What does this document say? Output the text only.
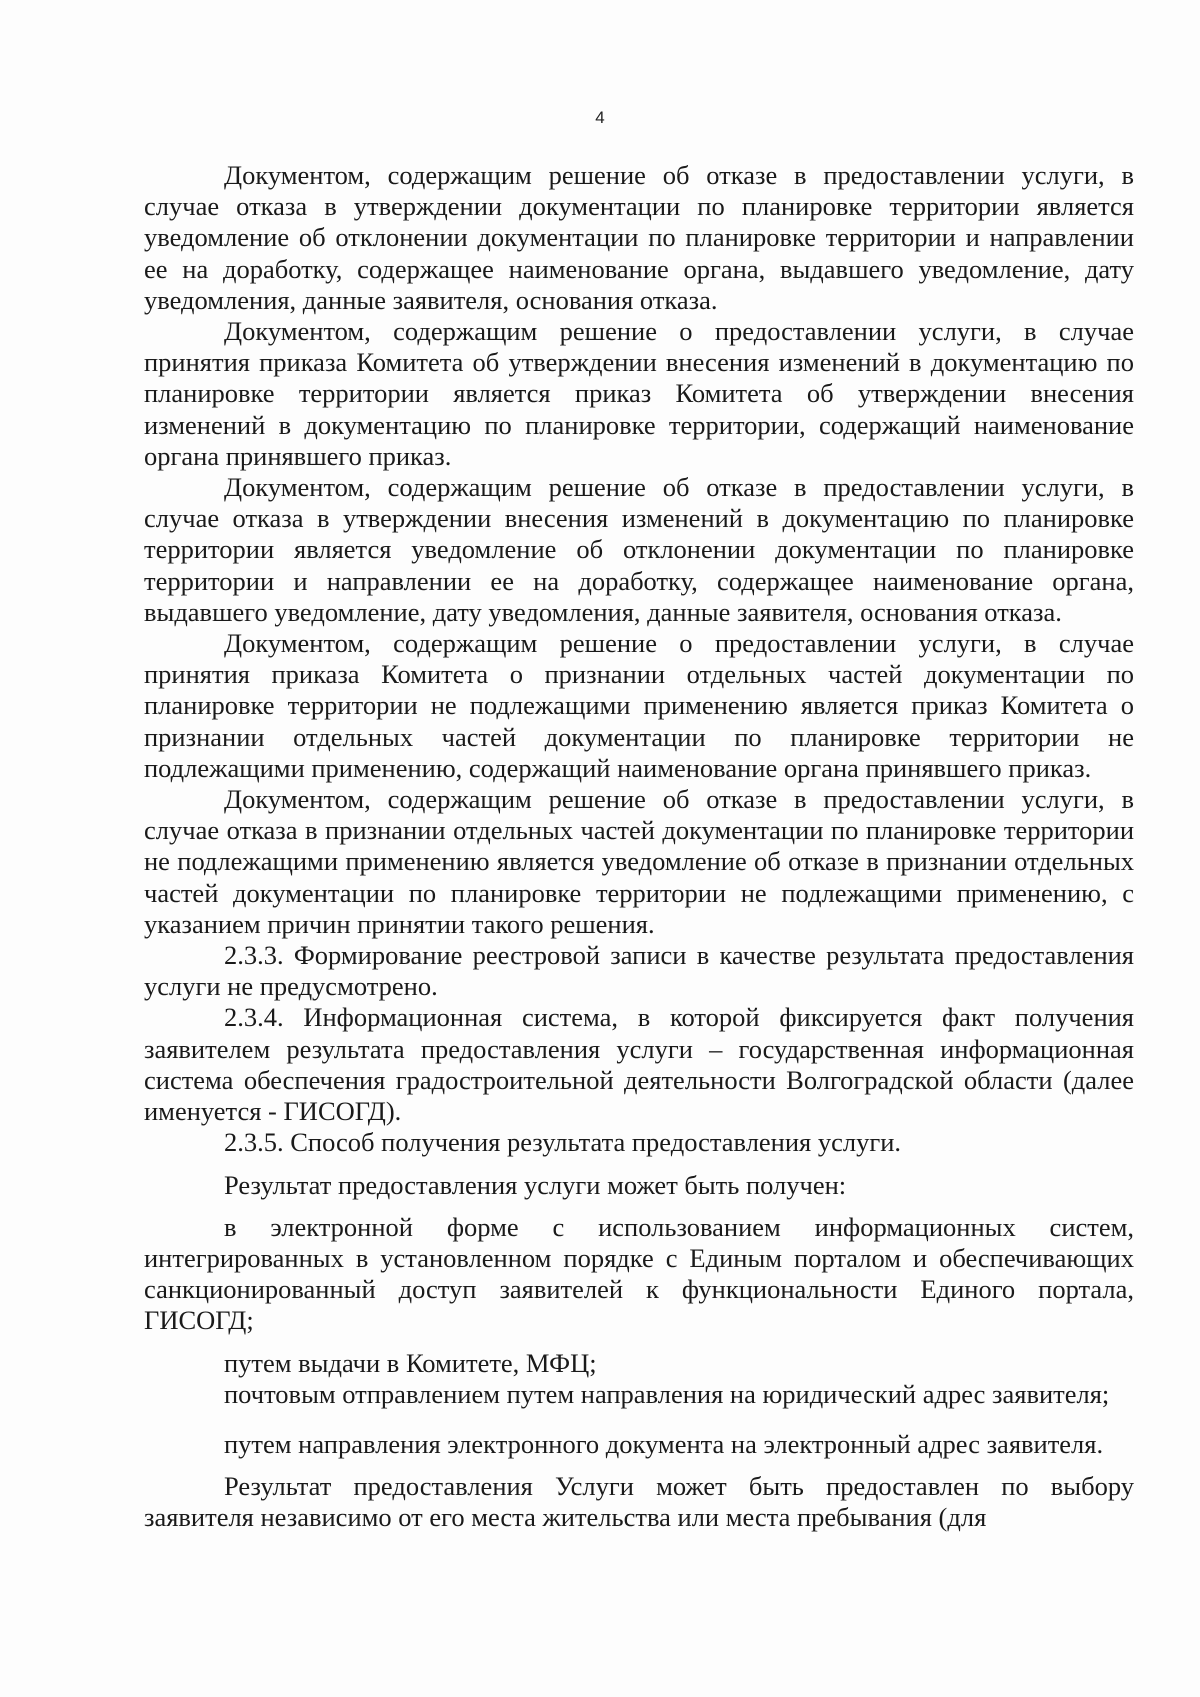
4

Документом, содержащим решение об отказе в предоставлении услуги, в случае отказа в утверждении документации по планировке территории является уведомление об отклонении документации по планировке территории и направлении ее на доработку, содержащее наименование органа, выдавшего уведомление, дату уведомления, данные заявителя, основания отказа.

Документом, содержащим решение о предоставлении услуги, в случае принятия приказа Комитета об утверждении внесения изменений в документацию по планировке территории является приказ Комитета об утверждении внесения изменений в документацию по планировке территории, содержащий наименование органа принявшего приказ.

Документом, содержащим решение об отказе в предоставлении услуги, в случае отказа в утверждении внесения изменений в документацию по планировке территории является уведомление об отклонении документации по планировке территории и направлении ее на доработку, содержащее наименование органа, выдавшего уведомление, дату уведомления, данные заявителя, основания отказа.

Документом, содержащим решение о предоставлении услуги, в случае принятия приказа Комитета о признании отдельных частей документации по планировке территории не подлежащими применению является приказ Комитета о признании отдельных частей документации по планировке территории не подлежащими применению, содержащий наименование органа принявшего приказ.

Документом, содержащим решение об отказе в предоставлении услуги, в случае отказа в признании отдельных частей документации по планировке территории не подлежащими применению является уведомление об отказе в признании отдельных частей документации по планировке территории не подлежащими применению, с указанием причин принятии такого решения.

2.3.3. Формирование реестровой записи в качестве результата предоставления услуги не предусмотрено.

2.3.4. Информационная система, в которой фиксируется факт получения заявителем результата предоставления услуги – государственная информационная система обеспечения градостроительной деятельности Волгоградской области (далее именуется - ГИСОГД).

2.3.5. Способ получения результата предоставления услуги.

Результат предоставления услуги может быть получен:

в электронной форме с использованием информационных систем, интегрированных в установленном порядке с Единым порталом и обеспечивающих санкционированный доступ заявителей к функциональности Единого портала, ГИСОГД;

путем выдачи в Комитете, МФЦ;

почтовым отправлением путем направления на юридический адрес заявителя;

путем направления электронного документа на электронный адрес заявителя.

Результат предоставления Услуги может быть предоставлен по выбору заявителя независимо от его места жительства или места пребывания (для
